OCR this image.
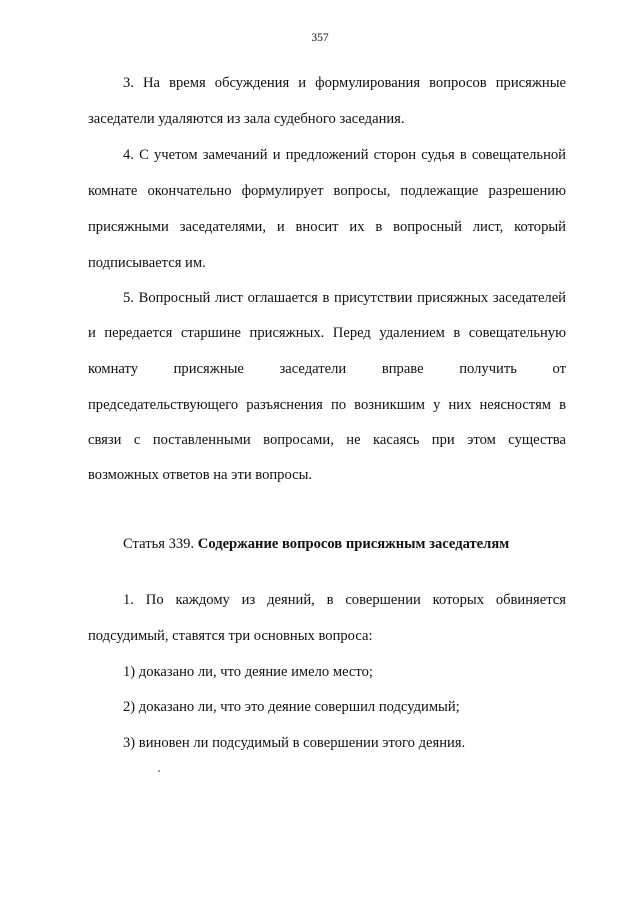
357
3. На время обсуждения и формулирования вопросов присяжные
заседатели удаляются из зала судебного заседания.
4. С учетом замечаний и предложений сторон судья в совещательной
комнате окончательно формулирует вопросы, подлежащие разрешению
присяжными заседателями, и вносит их в вопросный лист, который
подписывается им.
5. Вопросный лист оглашается в присутствии присяжных заседателей
и передается старшине присяжных. Перед удалением в совещательную
комнату присяжные заседатели вправе получить от
председательствующего разъяснения по возникшим у них неясностям в
связи с поставленными вопросами, не касаясь при этом существа
возможных ответов на эти вопросы.
Статья 339. Содержание вопросов присяжным заседателям
1. По каждому из деяний, в совершении которых обвиняется
подсудимый, ставятся три основных вопроса:
1) доказано ли, что деяние имело место;
2) доказано ли, что это деяние совершил подсудимый;
3) виновен ли подсудимый в совершении этого деяния.
